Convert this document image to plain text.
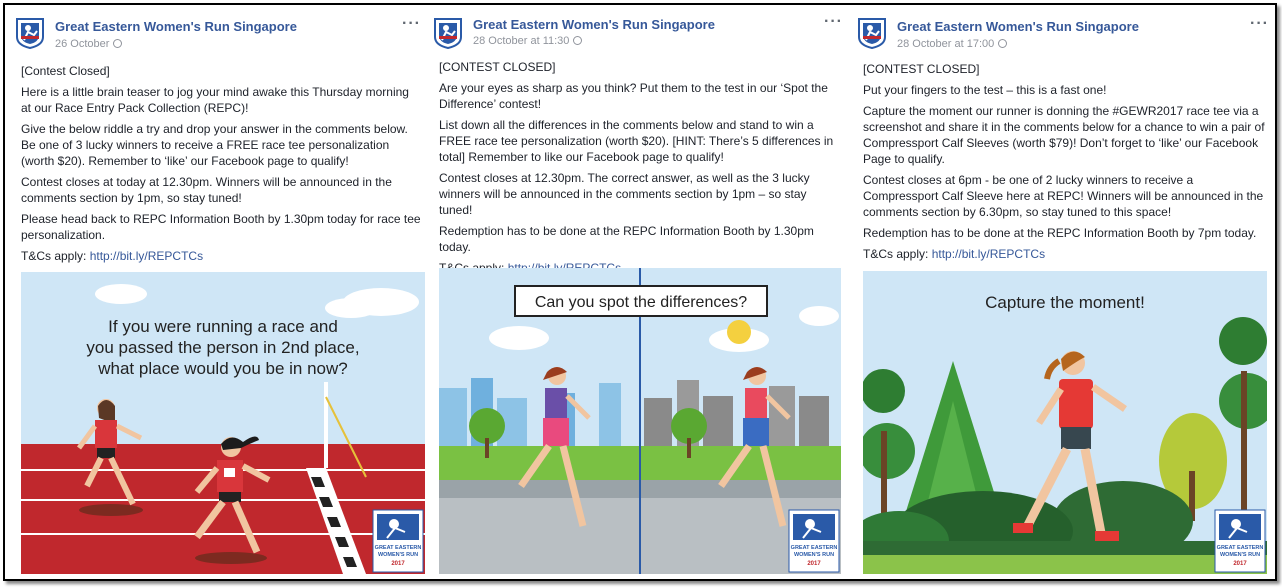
Great Eastern Women's Run Singapore
26 October
···

[Contest Closed]

Here is a little brain teaser to jog your mind awake this Thursday morning at our Race Entry Pack Collection (REPC)!

Give the below riddle a try and drop your answer in the comments below. Be one of 3 lucky winners to receive a FREE race tee personalization (worth $20). Remember to ‘like’ our Facebook page to qualify!

Contest closes at today at 12.30pm. Winners will be announced in the comments section by 1pm, so stay tuned!

Please head back to REPC Information Booth by 1.30pm today for race tee personalization.

T&Cs apply: http://bit.ly/REPCTCs

If you were running a race and
you passed the person in 2nd place,
what place would you be in now?
GREAT EASTERN
WOMEN'S RUN
2017
Great Eastern Women's Run Singapore
28 October at 11:30
···

[CONTEST CLOSED]

Are your eyes as sharp as you think? Put them to the test in our ‘Spot the Difference’ contest!

List down all the differences in the comments below and stand to win a FREE race tee personalization (worth $20). [HINT: There’s 5 differences in total] Remember to like our Facebook page to qualify!

Contest closes at 12.30pm. The correct answer, as well as the 3 lucky winners will be announced in the comments section by 1pm – so stay tuned!

Redemption has to be done at the REPC Information Booth by 1.30pm today.

Can you spot the differences?
GREAT EASTERN
WOMEN'S RUN
2017
Great Eastern Women's Run Singapore
28 October at 17:00
···

[CONTEST CLOSED]

Put your fingers to the test – this is a fast one!

Capture the moment our runner is donning the #GEWR2017 race tee via a screenshot and share it in the comments below for a chance to win a pair of Compressport Calf Sleeves (worth $79)! Don’t forget to ‘like’ our Facebook Page to qualify.

Contest closes at 6pm - be one of 2 lucky winners to receive a Compressport Calf Sleeve here at REPC! Winners will be announced in the comments section by 6.30pm, so stay tuned to this space!

Redemption has to be done at the REPC Information Booth by 7pm today.

T&Cs apply: http://bit.ly/REPCTCs

Capture the moment!
GREAT EASTERN
WOMEN'S RUN
2017
